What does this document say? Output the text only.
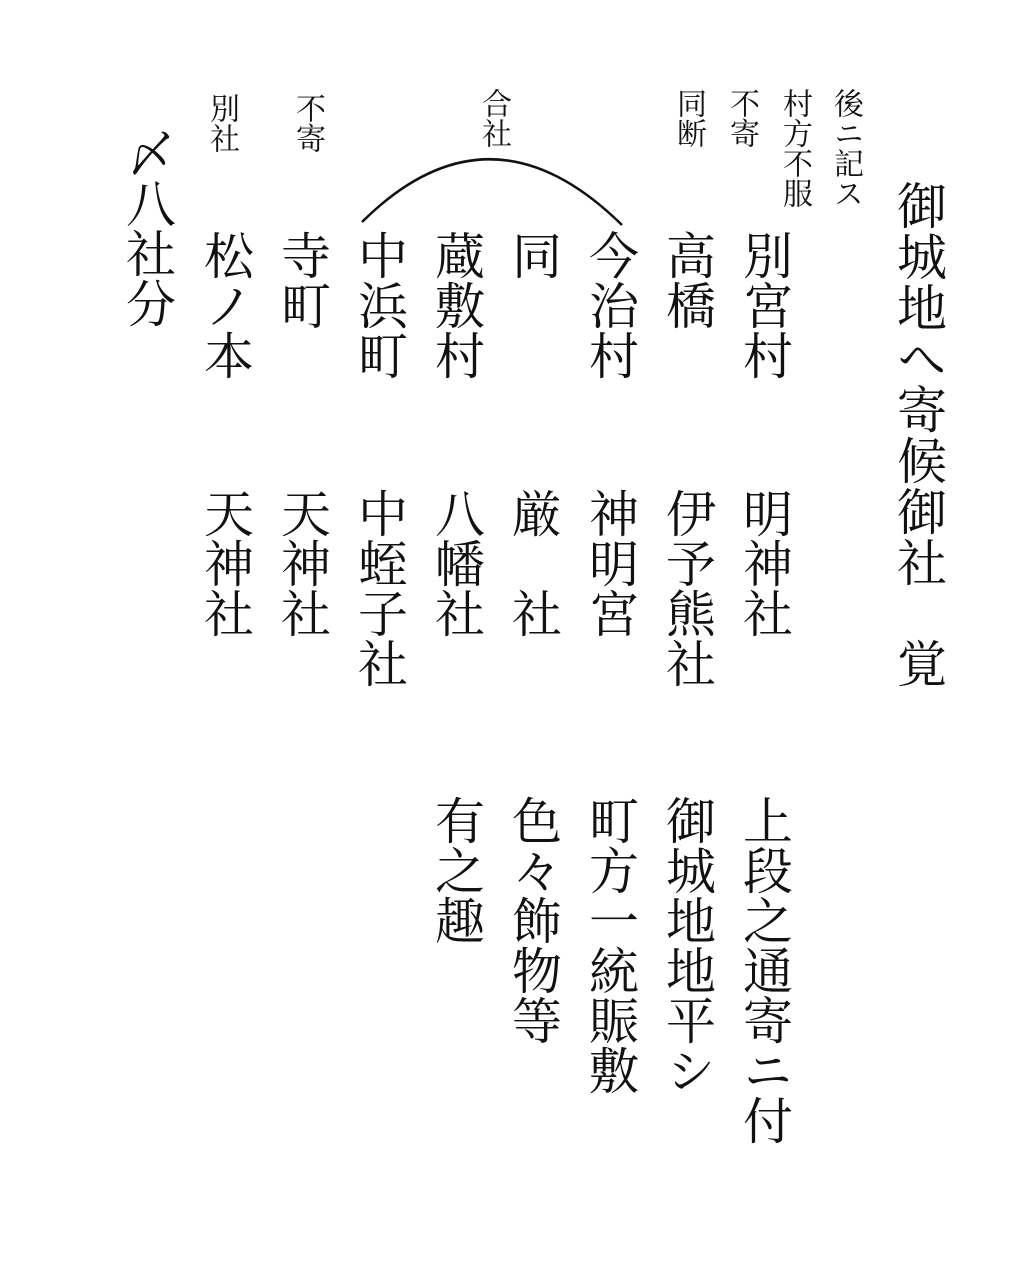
御城地へ寄候御社
覚
後ニ記ス
村方不服
不寄
同断
合社
不寄
別社
別宮村
高橋
今治村
同
蔵敷村
中浜町
寺町
松ノ本
明神社
伊予熊社
神明宮
厳　社
八幡社
中蛭子社
天神社
天神社
上段之通寄ニ付
御城地地平シ
町方一統賑敷
色々飾物等
有之趣
〆八社分
